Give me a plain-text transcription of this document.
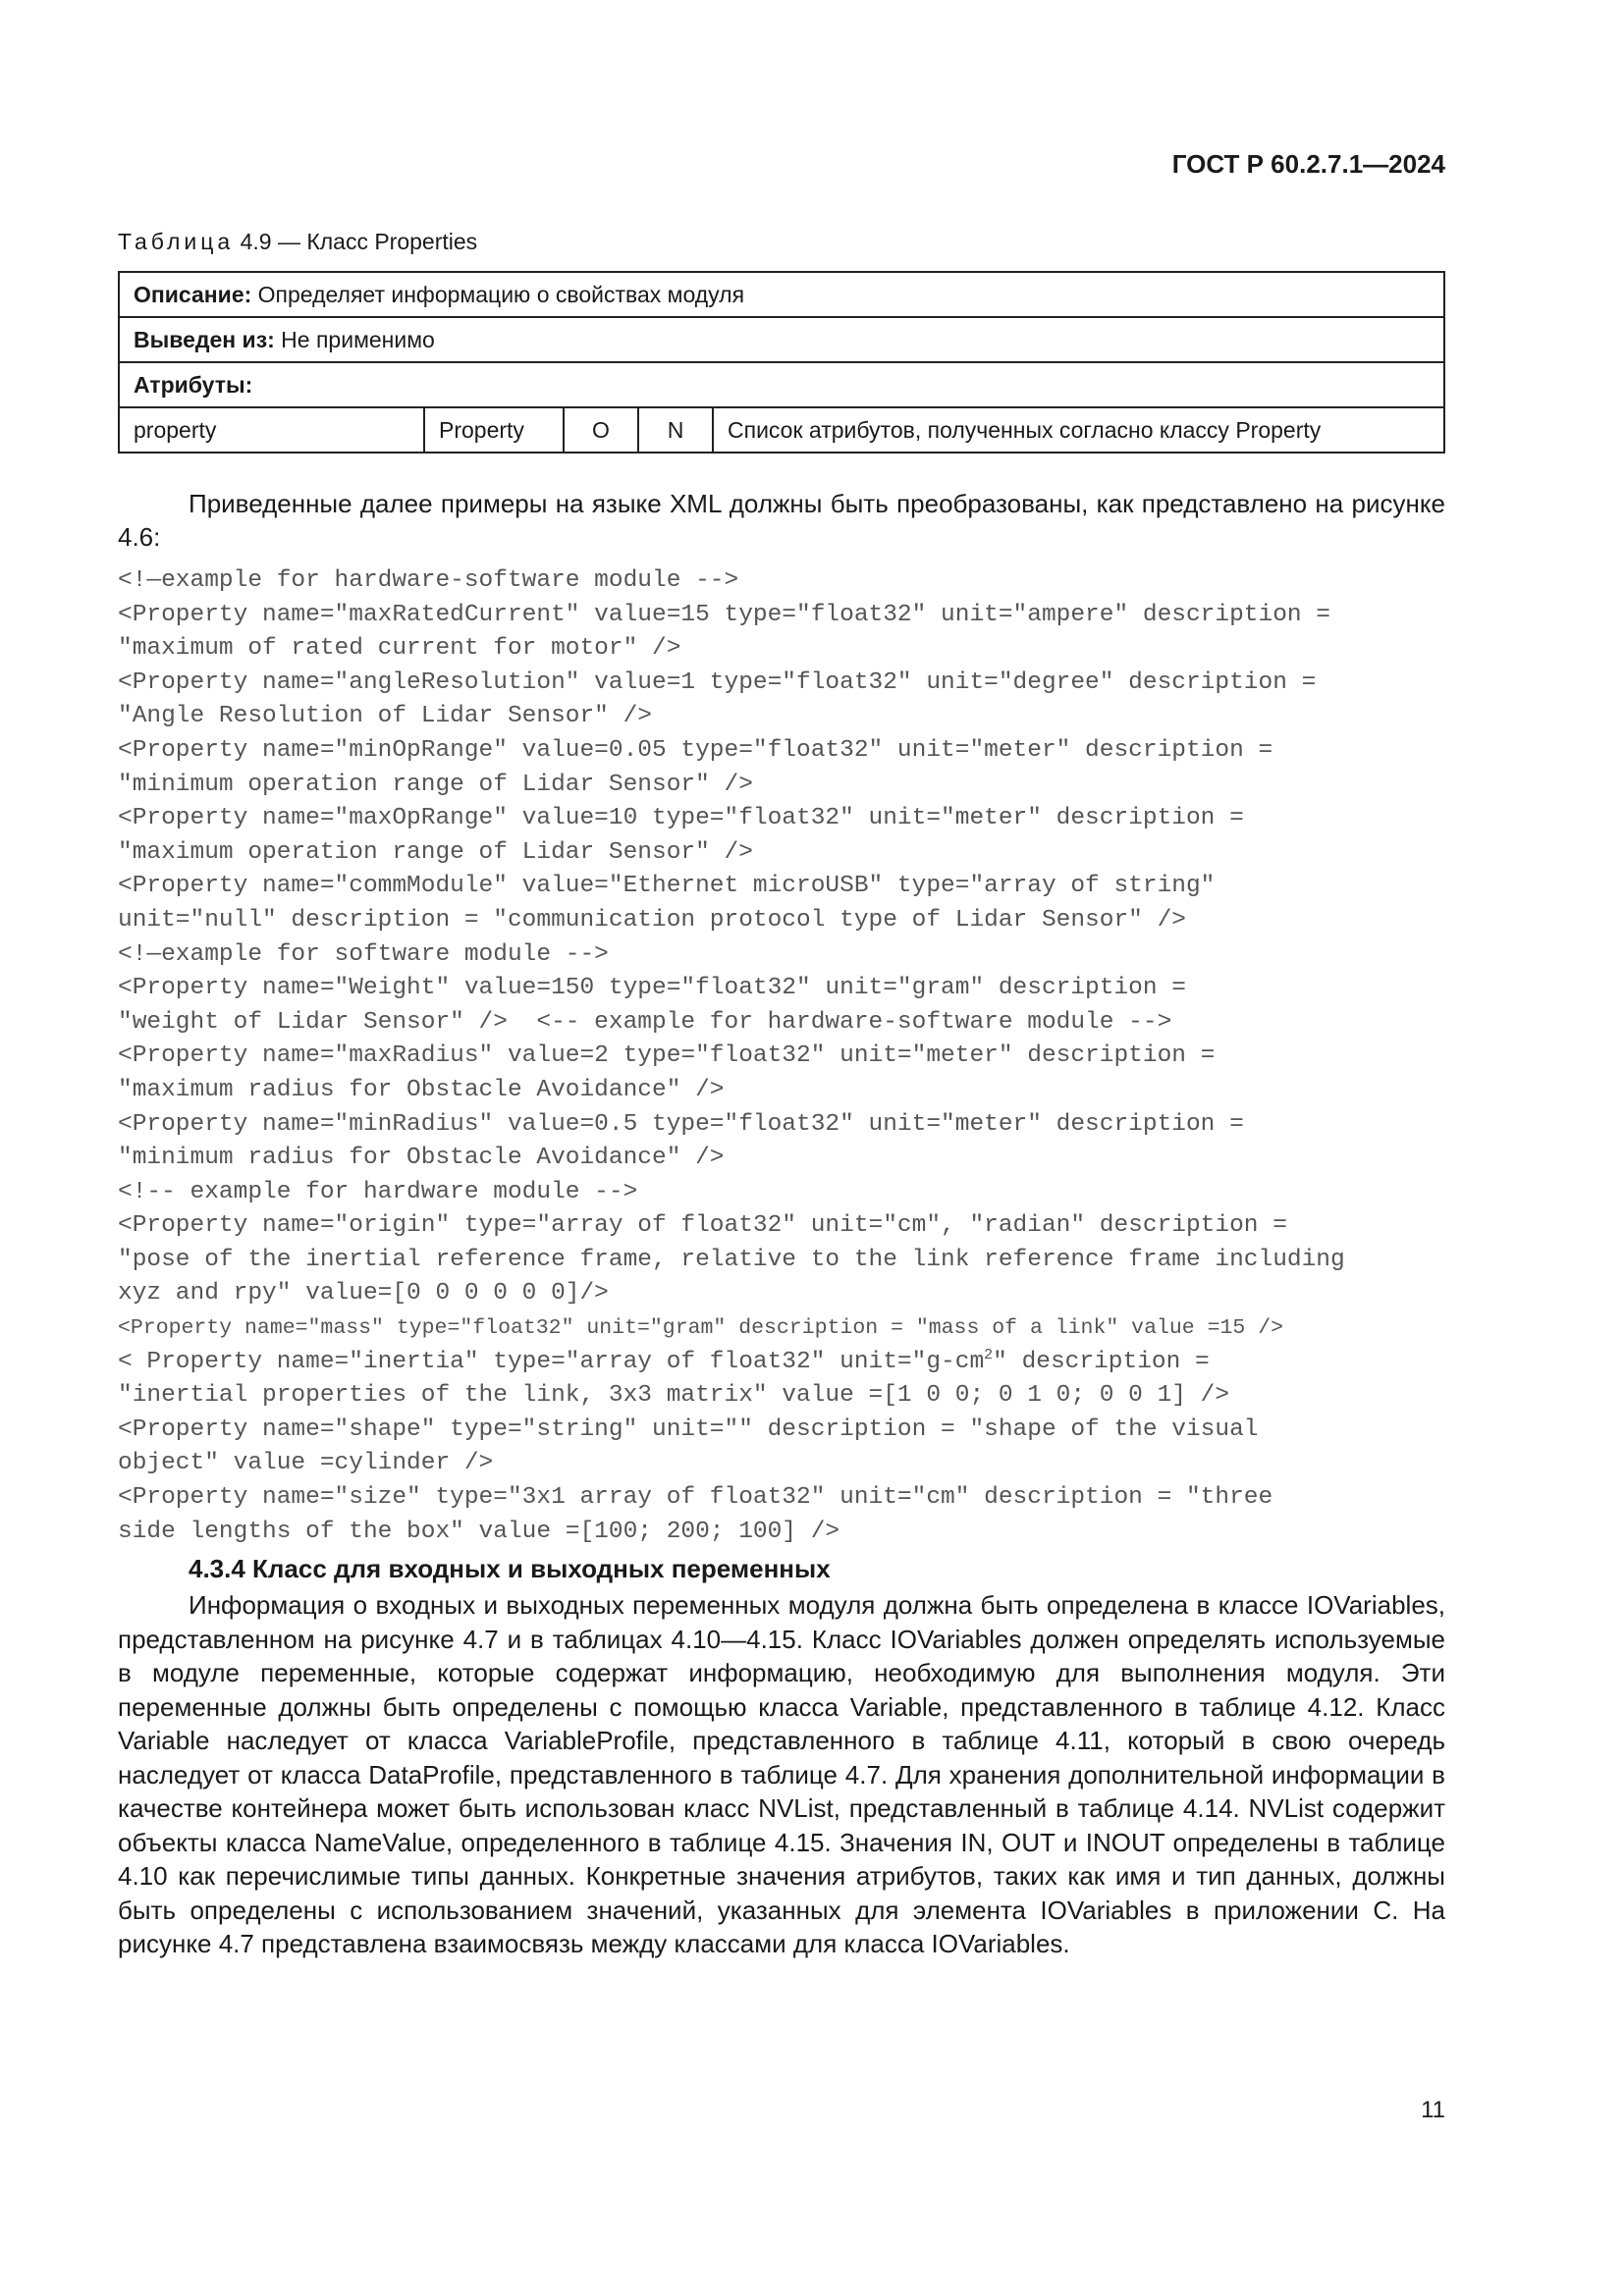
ГОСТ Р 60.2.7.1—2024
Таблица 4.9 — Класс Properties
Описание: Определяет информацию о свойствах модуля
Выведен из: Не применимо
Атрибуты:
property	Property	O	N	Список атрибутов, полученных согласно классу Property
Приведенные далее примеры на языке XML должны быть преобразованы, как представлено на рисунке 4.6:
<!—example for hardware-software module -->
<Property name="maxRatedCurrent" value=15 type="float32" unit="ampere" description =
"maximum of rated current for motor" />
<Property name="angleResolution" value=1 type="float32" unit="degree" description =
"Angle Resolution of Lidar Sensor" />
<Property name="minOpRange" value=0.05 type="float32" unit="meter" description =
"minimum operation range of Lidar Sensor" />
<Property name="maxOpRange" value=10 type="float32" unit="meter" description =
"maximum operation range of Lidar Sensor" />
<Property name="commModule" value="Ethernet microUSB" type="array of string"
unit="null" description = "communication protocol type of Lidar Sensor" />
<!—example for software module -->
<Property name="Weight" value=150 type="float32" unit="gram" description =
"weight of Lidar Sensor" />  <-- example for hardware-software module -->
<Property name="maxRadius" value=2 type="float32" unit="meter" description =
"maximum radius for Obstacle Avoidance" />
<Property name="minRadius" value=0.5 type="float32" unit="meter" description =
"minimum radius for Obstacle Avoidance" />
<!-- example for hardware module -->
<Property name="origin" type="array of float32" unit="cm", "radian" description =
"pose of the inertial reference frame, relative to the link reference frame including
xyz and rpy" value=[0 0 0 0 0 0]/>
<Property name="mass" type="float32" unit="gram" description = "mass of a link" value =15 />
< Property name="inertia" type="array of float32" $unit="g-cm^2$" description =
"inertial properties of the link, 3x3 matrix" value =[1 0 0; 0 1 0; 0 0 1] />
<Property name="shape" type="string" unit="" description = "shape of the visual
object" value =cylinder />
<Property name="size" type="3x1 array of float32" unit="cm" description = "three
side lengths of the box" value =[100; 200; 100] />
4.3.4 Класс для входных и выходных переменных
Информация о входных и выходных переменных модуля должна быть определена в классе IOVariables, представленном на рисунке 4.7 и в таблицах 4.10—4.15. Класс IOVariables должен определять используемые в модуле переменные, которые содержат информацию, необходимую для выполнения модуля. Эти переменные должны быть определены с помощью класса Variable, представленного в таблице 4.12. Класс Variable наследует от класса VariableProfile, представленного в таблице 4.11, который в свою очередь наследует от класса DataProfile, представленного в таблице 4.7. Для хранения дополнительной информации в качестве контейнера может быть использован класс NVList, представленный в таблице 4.14. NVList содержит объекты класса NameValue, определенного в таблице 4.15. Значения IN, OUT и INOUT определены в таблице 4.10 как перечислимые типы данных. Конкретные значения атрибутов, таких как имя и тип данных, должны быть определены с использованием значений, указанных для элемента IOVariables в приложении C. На рисунке 4.7 представлена взаимосвязь между классами для класса IOVariables.
11
